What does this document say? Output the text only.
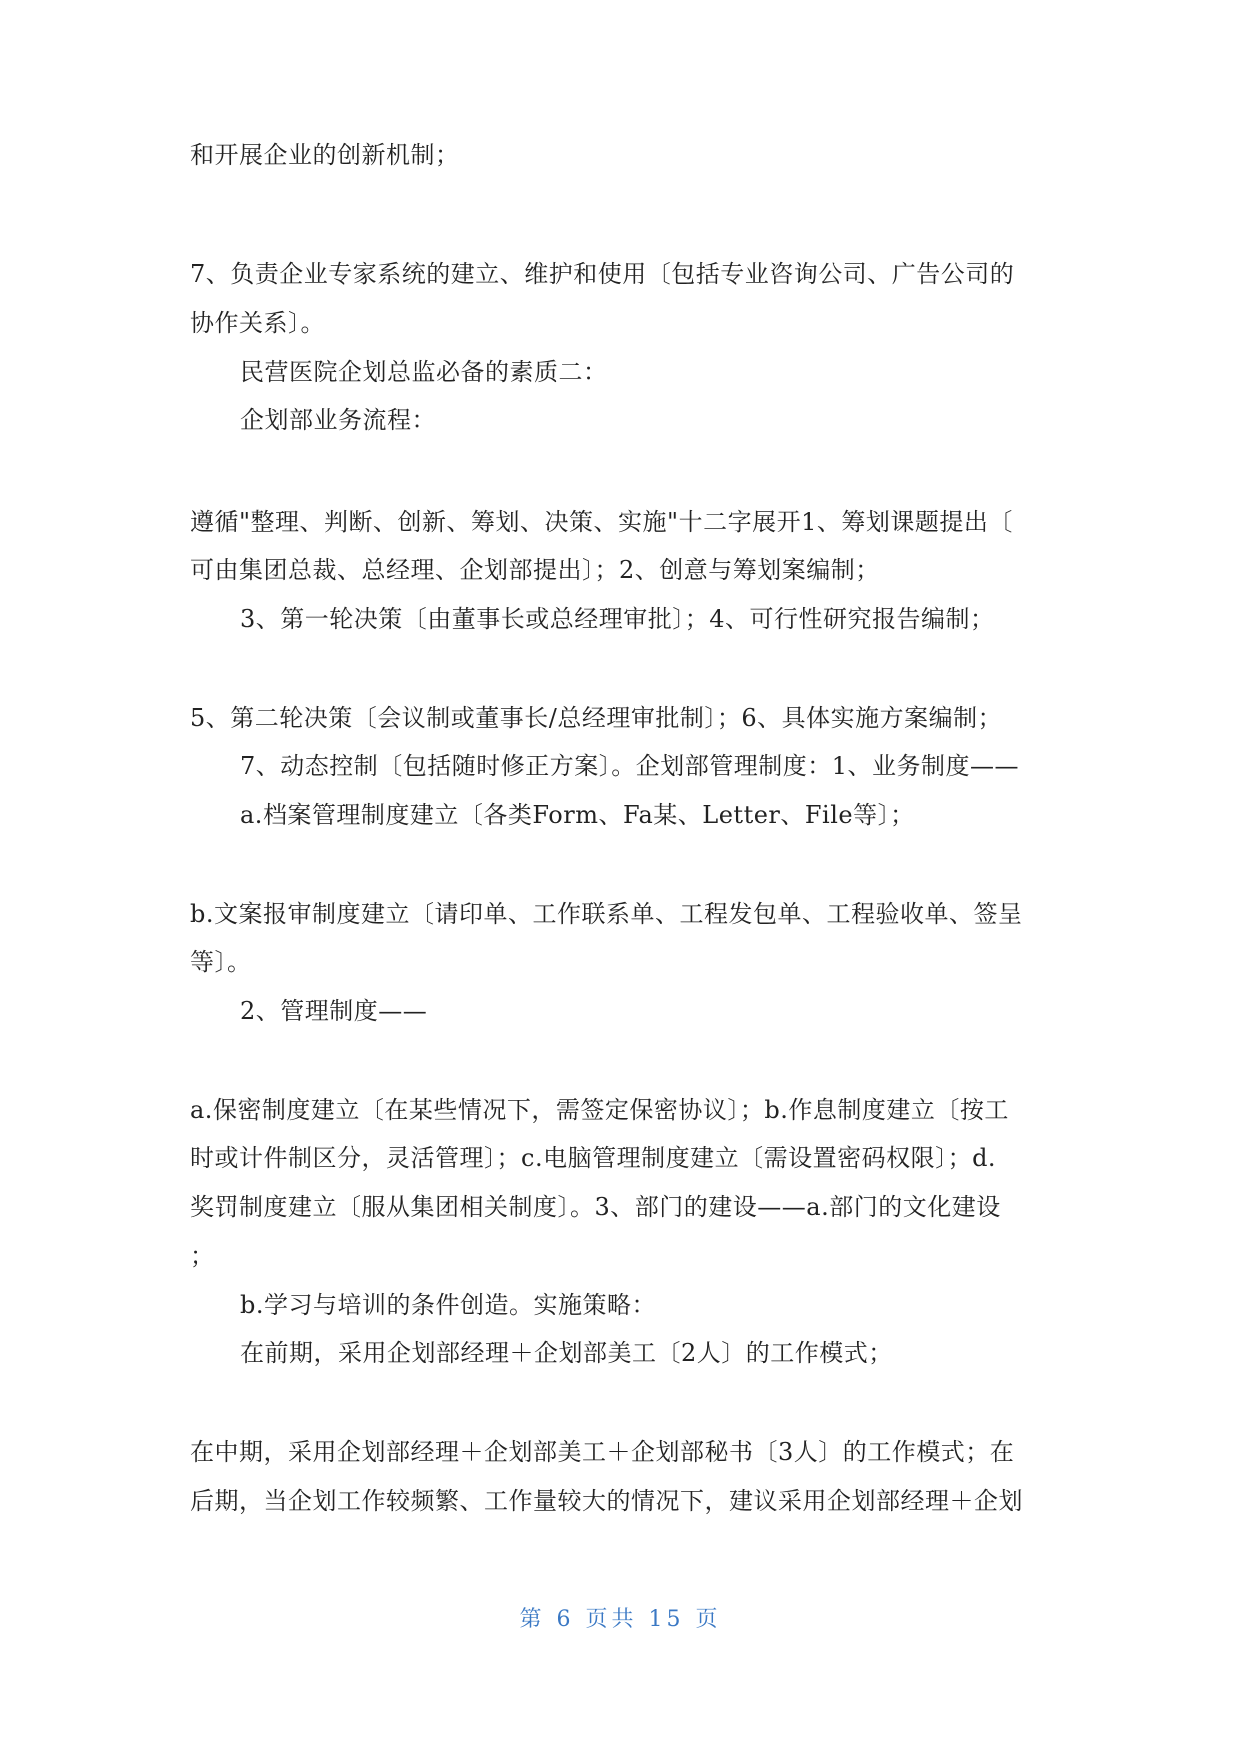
和开展企业的创新机制；
7、负责企业专家系统的建立、维护和使用〔包括专业咨询公司、广告公司的
协作关系〕。
民营医院企划总监必备的素质二：
企划部业务流程：
遵循"整理、判断、创新、筹划、决策、实施"十二字展开1、筹划课题提出〔
可由集团总裁、总经理、企划部提出〕；2、创意与筹划案编制；
3、第一轮决策〔由董事长或总经理审批〕；4、可行性研究报告编制；
5、第二轮决策〔会议制或董事长/总经理审批制〕；6、具体实施方案编制；
7、动态控制〔包括随时修正方案〕。企划部管理制度：1、业务制度——
a.档案管理制度建立〔各类Form、Fa某、Letter、File等〕；
b.文案报审制度建立〔请印单、工作联系单、工程发包单、工程验收单、签呈
等〕。
2、管理制度——
a.保密制度建立〔在某些情况下，需签定保密协议〕；b.作息制度建立〔按工
时或计件制区分，灵活管理〕；c.电脑管理制度建立〔需设置密码权限〕；d.
奖罚制度建立〔服从集团相关制度〕。3、部门的建设——a.部门的文化建设
；
b.学习与培训的条件创造。实施策略：
在前期，采用企划部经理＋企划部美工〔2人〕的工作模式；
在中期，采用企划部经理＋企划部美工＋企划部秘书〔3人〕的工作模式；在
后期，当企划工作较频繁、工作量较大的情况下，建议采用企划部经理＋企划
第 6 页共 15 页
